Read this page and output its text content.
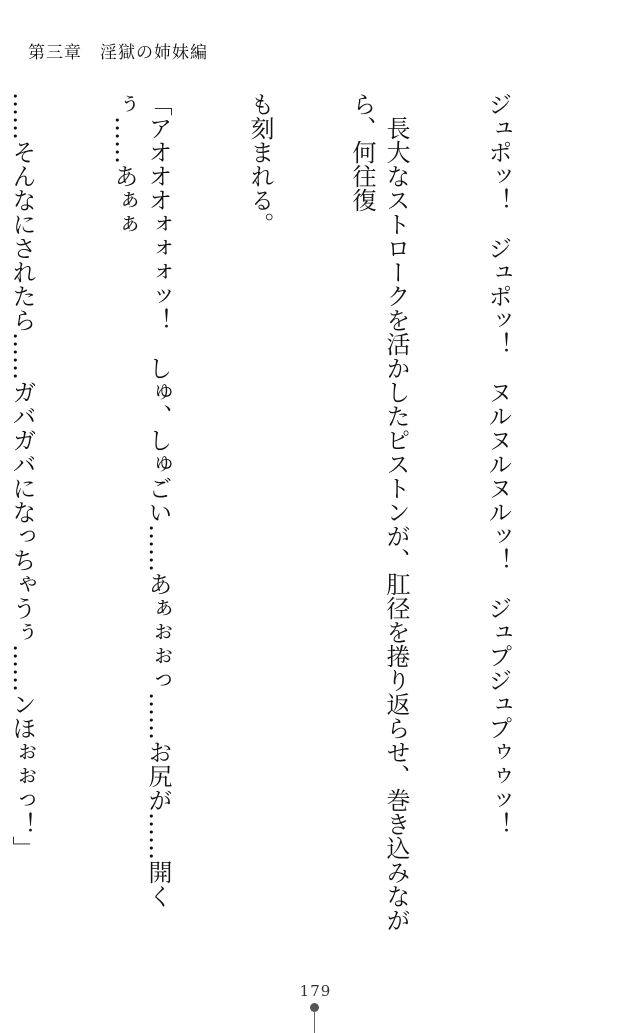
第三章　淫獄の姉妹編

ジュポッ！　ジュポッ！　ヌルヌルヌルッ！　ジュプジュプゥゥッ！

　長大なストロークを活かしたピストンが、肛径を捲り返らせ、巻き込みながら、何往復

も刻まれる。

「アオオオォォォッ！　しゅ、しゅごい……あぁぉぉっ……お尻が……開くぅ……あぁぁ

……そんなにされたら……ガバガバになっちゃうぅ……ンほぉぉっ！」

179
